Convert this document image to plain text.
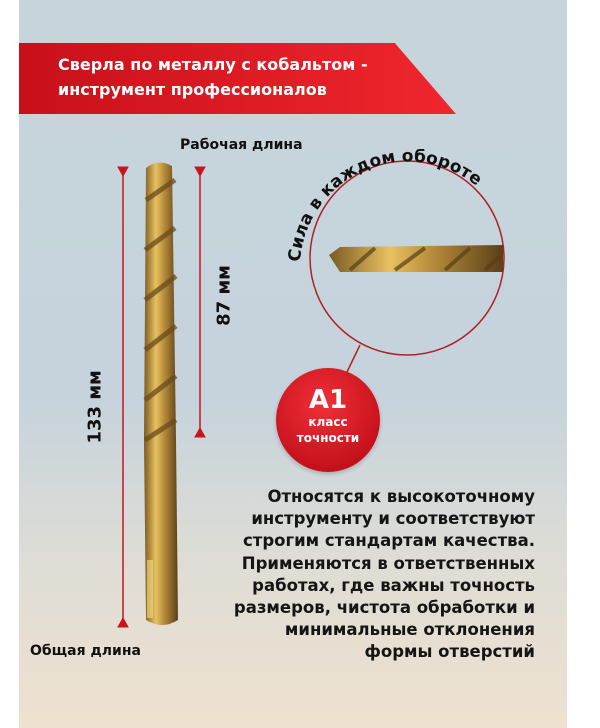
Сверла по металлу с кобальтом -
инструмент профессионалов
Сила в каждом обороте
Рабочая длина
Общая длина
133 мм
87 мм
A1
класс
точности
Относятся к высокоточному
инструменту и соответствуют
строгим стандартам качества.
Применяются в ответственных
работах, где важны точность
размеров, чистота обработки и
минимальные отклонения
формы отверстий
